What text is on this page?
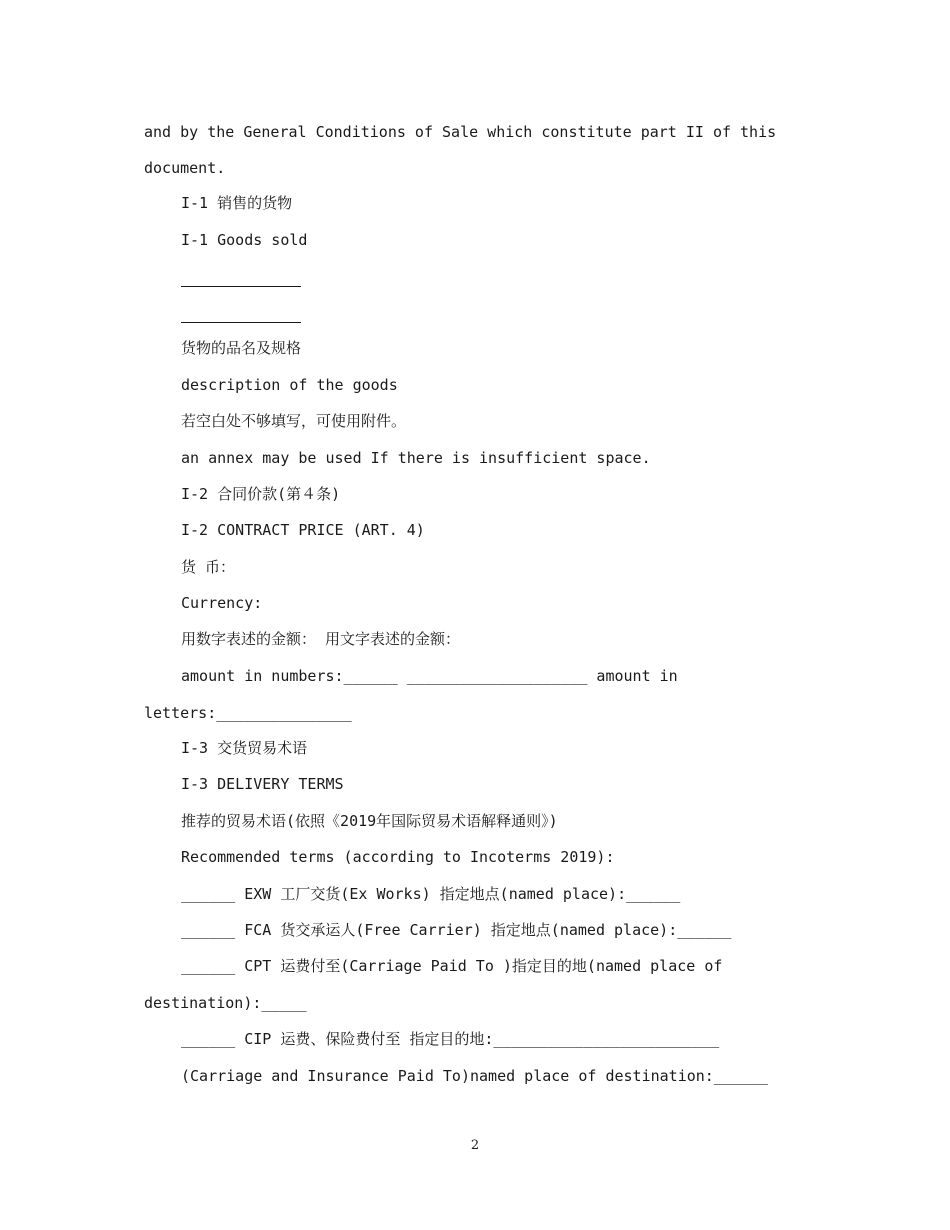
and by the General Conditions of Sale which constitute part II of this

document.

I-1 销售的货物

I-1 Goods sold

货物的品名及规格

description of the goods

若空白处不够填写，可使用附件。

an annex may be used If there is insufficient space.

I-2 合同价款(第４条)

I-2 CONTRACT PRICE (ART. 4)

货 币：

Currency:

用数字表述的金额： 用文字表述的金额：

amount in numbers:______ ____________________ amount in

letters:_______________

I-3 交货贸易术语

I-3 DELIVERY TERMS

推荐的贸易术语(依照《2019年国际贸易术语解释通则》)

Recommended terms (according to Incoterms 2019):

______ EXW 工厂交货(Ex Works) 指定地点(named place):______

______ FCA 货交承运人(Free Carrier) 指定地点(named place):______

______ CPT 运费付至(Carriage Paid To )指定目的地(named place of

destination):_____

______ CIP 运费、保险费付至 指定目的地:_________________________

(Carriage and Insurance Paid To)named place of destination:______

2
